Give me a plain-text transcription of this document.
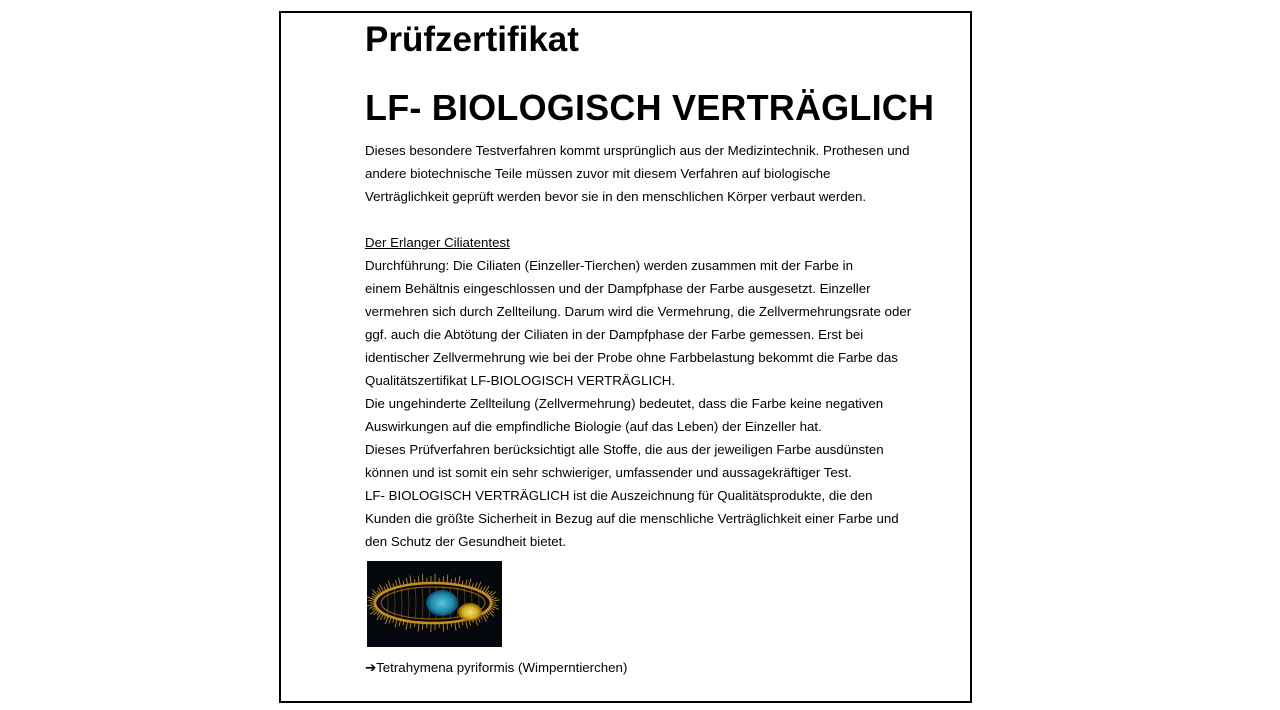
Prüfzertifikat
LF- BIOLOGISCH VERTRÄGLICH
Dieses besondere Testverfahren kommt ursprünglich aus der Medizintechnik. Prothesen und
andere biotechnische Teile müssen zuvor mit diesem Verfahren auf biologische
Verträglichkeit geprüft werden bevor sie in den menschlichen Körper verbaut werden.
Der Erlanger Ciliatentest
Durchführung: Die Ciliaten (Einzeller-Tierchen) werden zusammen mit der Farbe in
einem Behältnis eingeschlossen und der Dampfphase der Farbe ausgesetzt. Einzeller
vermehren sich durch Zellteilung. Darum wird die Vermehrung, die Zellvermehrungsrate oder
ggf. auch die Abtötung der Ciliaten in der Dampfphase der Farbe gemessen. Erst bei
identischer Zellvermehrung wie bei der Probe ohne Farbbelastung bekommt die Farbe das
Qualitätszertifikat LF-BIOLOGISCH VERTRÄGLICH.
Die ungehinderte Zellteilung (Zellvermehrung) bedeutet, dass die Farbe keine negativen
Auswirkungen auf die empfindliche Biologie (auf das Leben) der Einzeller hat.
Dieses Prüfverfahren berücksichtigt alle Stoffe, die aus der jeweiligen Farbe ausdünsten
können und ist somit ein sehr schwieriger, umfassender und aussagekräftiger Test.
LF- BIOLOGISCH VERTRÄGLICH ist die Auszeichnung für Qualitätsprodukte, die den
Kunden die größte Sicherheit in Bezug auf die menschliche Verträglichkeit einer Farbe und
den Schutz der Gesundheit bietet.
➔Tetrahymena pyriformis (Wimperntierchen)
